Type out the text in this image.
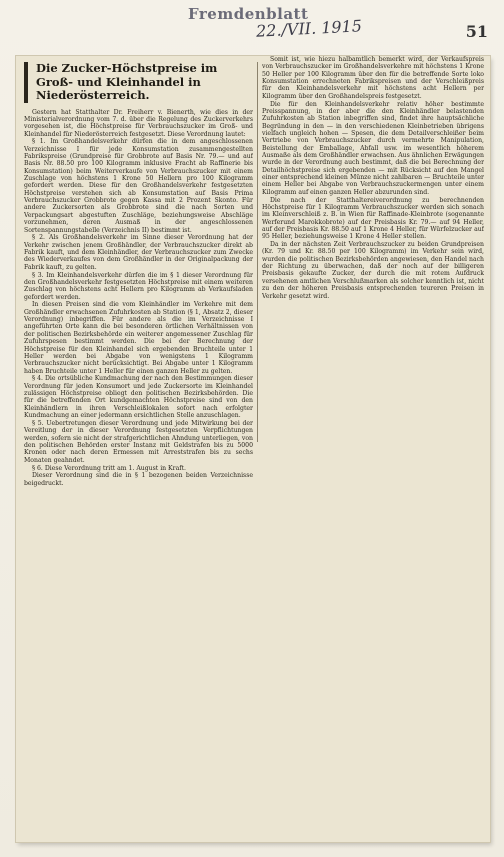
Fremdenblatt
22./VII. 1915	51
Die Zucker-Höchstpreise im Groß- und Kleinhandel in Niederösterreich.

Gestern hat Statthalter Dr. Freiherr v. Bienerth, wie dies in der Ministerialverordnung vom 7. d. über die Regelung des Zuckerverkehrs vorgesehen ist, die Höchstpreise für Verbrauchszucker im Groß- und Kleinhandel für Niederösterreich festgesetzt. Diese Verordnung lautet:

§ 1. Im Großhandelsverkehr dürfen die in dem angeschlossenen Verzeichnisse I für jede Konsumstation zusammengestellten Fabrikspreise (Grundpreise für Grobbrote auf Basis Nr. 79.— und auf Basis Nr. 88.50 pro 100 Kilogramm inklusive Fracht ab Raffinerie bis Konsumstation) beim Weiterverkaufe von Verbrauchszucker mit einem Zuschlage von höchstens 1 Krone 50 Hellern pro 100 Kilogramm gefordert werden. Diese für den Großhandelsverkehr festgesetzten Höchstpreise verstehen sich ab Konsumstation auf Basis Prima Verbrauchszucker Grobbrote gegen Kassa mit 2 Prozent Skonto. Für andere Zuckersorten als Grobbrote sind die nach Sorten und Verpackungsart abgestuften Zuschläge, beziehungsweise Abschläge vorzunehmen, deren Ausmaß in der angeschlossenen Sortenspannungstabelle (Verzeichnis II) bestimmt ist.

§ 2. Als Großhandelsverkehr im Sinne dieser Verordnung hat der Verkehr zwischen jenem Großhändler, der Verbrauchszucker direkt ab Fabrik kauft, und dem Kleinhändler, der Verbrauchszucker zum Zwecke des Wiederverkaufes von dem Großhändler in der Originalpackung der Fabrik kauft, zu gelten.

§ 3. Im Kleinhandelsverkehr dürfen die im § 1 dieser Verordnung für den Großhandelsverkehr festgesetzten Höchstpreise mit einem weiteren Zuschlag von höchstens acht Hellern pro Kilogramm ab Verkaufsladen gefordert werden.

In diesen Preisen sind die vom Kleinhändler im Verkehre mit dem Großhändler erwachsenen Zufuhrkosten ab Station (§ 1, Absatz 2, dieser Verordnung) inbegriffen. Für andere als die im Verzeichnisse I angeführten Orte kann die bei besonderen örtlichen Verhältnissen von der politischen Bezirksbehörde ein weiterer angemessener Zuschlag für Zufuhrspesen bestimmt werden. Die bei der Berechnung der Höchstpreise für den Kleinhandel sich ergebenden Bruchteile unter 1 Heller werden bei Abgabe von wenigstens 1 Kilogramm Verbrauchszucker nicht berücksichtigt. Bei Abgabe unter 1 Kilogramm haben Bruchteile unter 1 Heller für einen ganzen Heller zu gelten.

§ 4. Die ortsübliche Kundmachung der nach den Bestimmungen dieser Verordnung für jeden Konsumort und jede Zuckersorte im Kleinhandel zulässigen Höchstpreise obliegt den politischen Bezirksbehörden. Die für die betreffenden Ort kundgemachten Höchstpreise sind von den Kleinhändlern in ihren Verschleißlokalen sofort nach erfolgter Kundmachung an einer jedermann ersichtlichen Stelle anzuschlagen.

§ 5. Uebertretungen dieser Verordnung und jede Mitwirkung bei der Vereitlung der in dieser Verordnung festgesetzten Verpflichtungen werden, sofern sie nicht der strafgerichtlichen Ahndung unterliegen, von den politischen Behörden erster Instanz mit Geldstrafen bis zu 5000 Kronen oder nach deren Ermessen mit Arreststrafen bis zu sechs Monaten geahndet.

§ 6. Diese Verordnung tritt am 1. August in Kraft.

Dieser Verordnung sind die in § 1 bezogenen beiden Verzeichnisse beigedruckt.

Somit ist, wie hiezu halbamtlich bemerkt wird, der Verkaufspreis von Verbrauchszucker im Großhandelsverkehre mit höchstens 1 Krone 50 Heller per 100 Kilogramm über den für die betreffende Sorte loko Konsumstation errechneten Fabrikspreisen und der Verschleißpreis für den Kleinhandelsverkehr mit höchstens acht Hellern per Kilogramm über den Großhandelspreis festgesetzt.

Die für den Kleinhandelsverkehr relativ höher bestimmte Preisspannung, in der aber die den Kleinhändler belastenden Zufuhrkosten ab Station inbegriffen sind, findet ihre hauptsächliche Begründung in den — in den verschiedenen Kleinbetrieben übrigens vielfach ungleich hohen — Spesen, die dem Detailverschleißer beim Vertriebe von Verbrauchszucker durch vermehrte Manipulation, Beistellung der Emballage, Abfall usw. im wesentlich höherem Ausmaße als dem Großhändler erwachsen. Aus ähnlichen Erwägungen wurde in der Verordnung auch bestimmt, daß die bei Berechnung der Detailhöchstpreise sich ergebenden — mit Rücksicht auf den Mangel einer entsprechend kleinen Münze nicht zahlbaren — Bruchteile unter einem Heller bei Abgabe von Verbrauchszuckermengen unter einem Kilogramm auf einen ganzen Heller abzurunden sind.

Die nach der Statthaltereiverordnung zu berechnenden Höchstpreise für 1 Kilogramm Verbrauchszucker werden sich sonach im Kleinverschleiß z. B. in Wien für Raffinade-Kleinbrote (sogenannte Werferund Marokkobrote) auf der Preisbasis Kr. 79.— auf 94 Heller, auf der Preisbasis Kr. 88.50 auf 1 Krone 4 Heller, für Würfelzucker auf 95 Heller, beziehungsweise 1 Krone 4 Heller stellen.

Da in der nächsten Zeit Verbrauchszucker zu beiden Grundpreisen (Kr. 79 und Kr. 88.50 per 100 Kilogramm) im Verkehr sein wird, wurden die politischen Bezirksbehörden angewiesen, den Handel nach der Richtung zu überwachen, daß der noch auf der billigeren Preisbasis gekaufte Zucker, der durch die mit rotem Aufdruck versehenen amtlichen Verschlußmarken als solcher kenntlich ist, nicht zu den der höheren Preisbasis entsprechenden teureren Preisen in Verkehr gesetzt wird.
